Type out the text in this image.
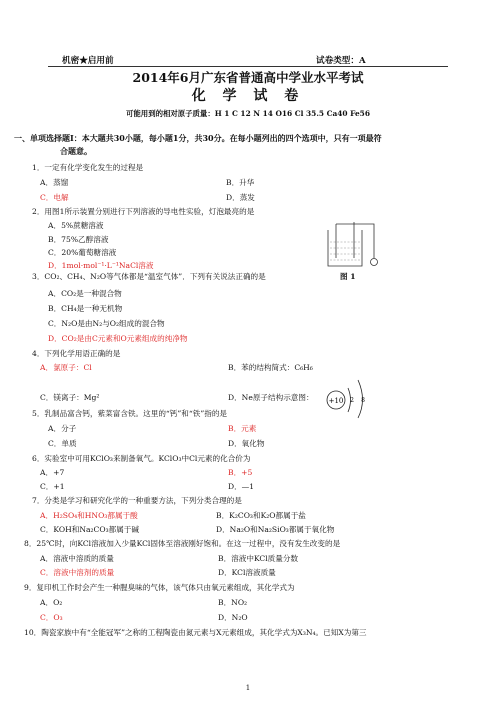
机密★启用前	试卷类型：A
2014年6月广东省普通高中学业水平考试
化 学 试 卷
可能用到的相对原子质量：H 1 C 12 N 14 O16 Cl 35.5 Ca40 Fe56
一、单项选择题Ⅰ：本大题共30小题，每小题1分，共30分。在每小题列出的四个选项中，只有一项最符
合题意。
1．一定有化学变化发生的过程是
A．蒸馏	B．升华
C．电解	D．蒸发
2．用图1所示装置分别进行下列溶液的导电性实验，灯泡最亮的是
A．5%蔗糖溶液
B．75%乙醇溶液
C．20%葡萄糖溶液
D．1mol·mol⁻¹·L⁻¹NaCl溶液
图 1
3．CO₂、CH₄、N₂O等气体都是“温室气体”．下列有关说法正确的是
A．CO₂是一种混合物
B．CH₄是一种无机物
C．N₂O是由N₂与O₂组成的混合物
D．CO₂是由C元素和O元素组成的纯净物
4．下列化学用语正确的是
A．氯原子：Cl	B．苯的结构简式：C₆H₆
C．镁离子：Mg²	D．Ne原子结构示意图： +10 2 8
5．乳制品富含钙，紫菜富含铁。这里的“钙”和“铁”指的是
A．分子	B．元素
C．单质	D．氧化物
6．实验室中可用KClO₃来制备氧气。KClO₃中Cl元素的化合价为
A．+7	B．+5
C．+1	D．—1
7．分类是学习和研究化学的一种重要方法，下列分类合理的是
A．H₂SO₄和HNO₃都属于酸	B．K₂CO₃和K₂O都属于盐
C．KOH和Na₂CO₃都属于碱	D．Na₂O和Na₂SiO₃都属于氧化物
8．25℃时，向KCl溶液加入少量KCl固体至溶液刚好饱和。在这一过程中，没有发生改变的是
A．溶液中溶质的质量	B．溶液中KCl质量分数
C．溶液中溶剂的质量	D．KCl溶液质量
9．复印机工作时会产生一种腥臭味的气体，该气体只由氧元素组成，其化学式为
A．O₂	B．NO₂
C．O₃	D．N₂O
10．陶瓷家族中有“全能冠军”之称的工程陶瓷由氮元素与X元素组成，其化学式为X₃N₄。已知X为第三
1
